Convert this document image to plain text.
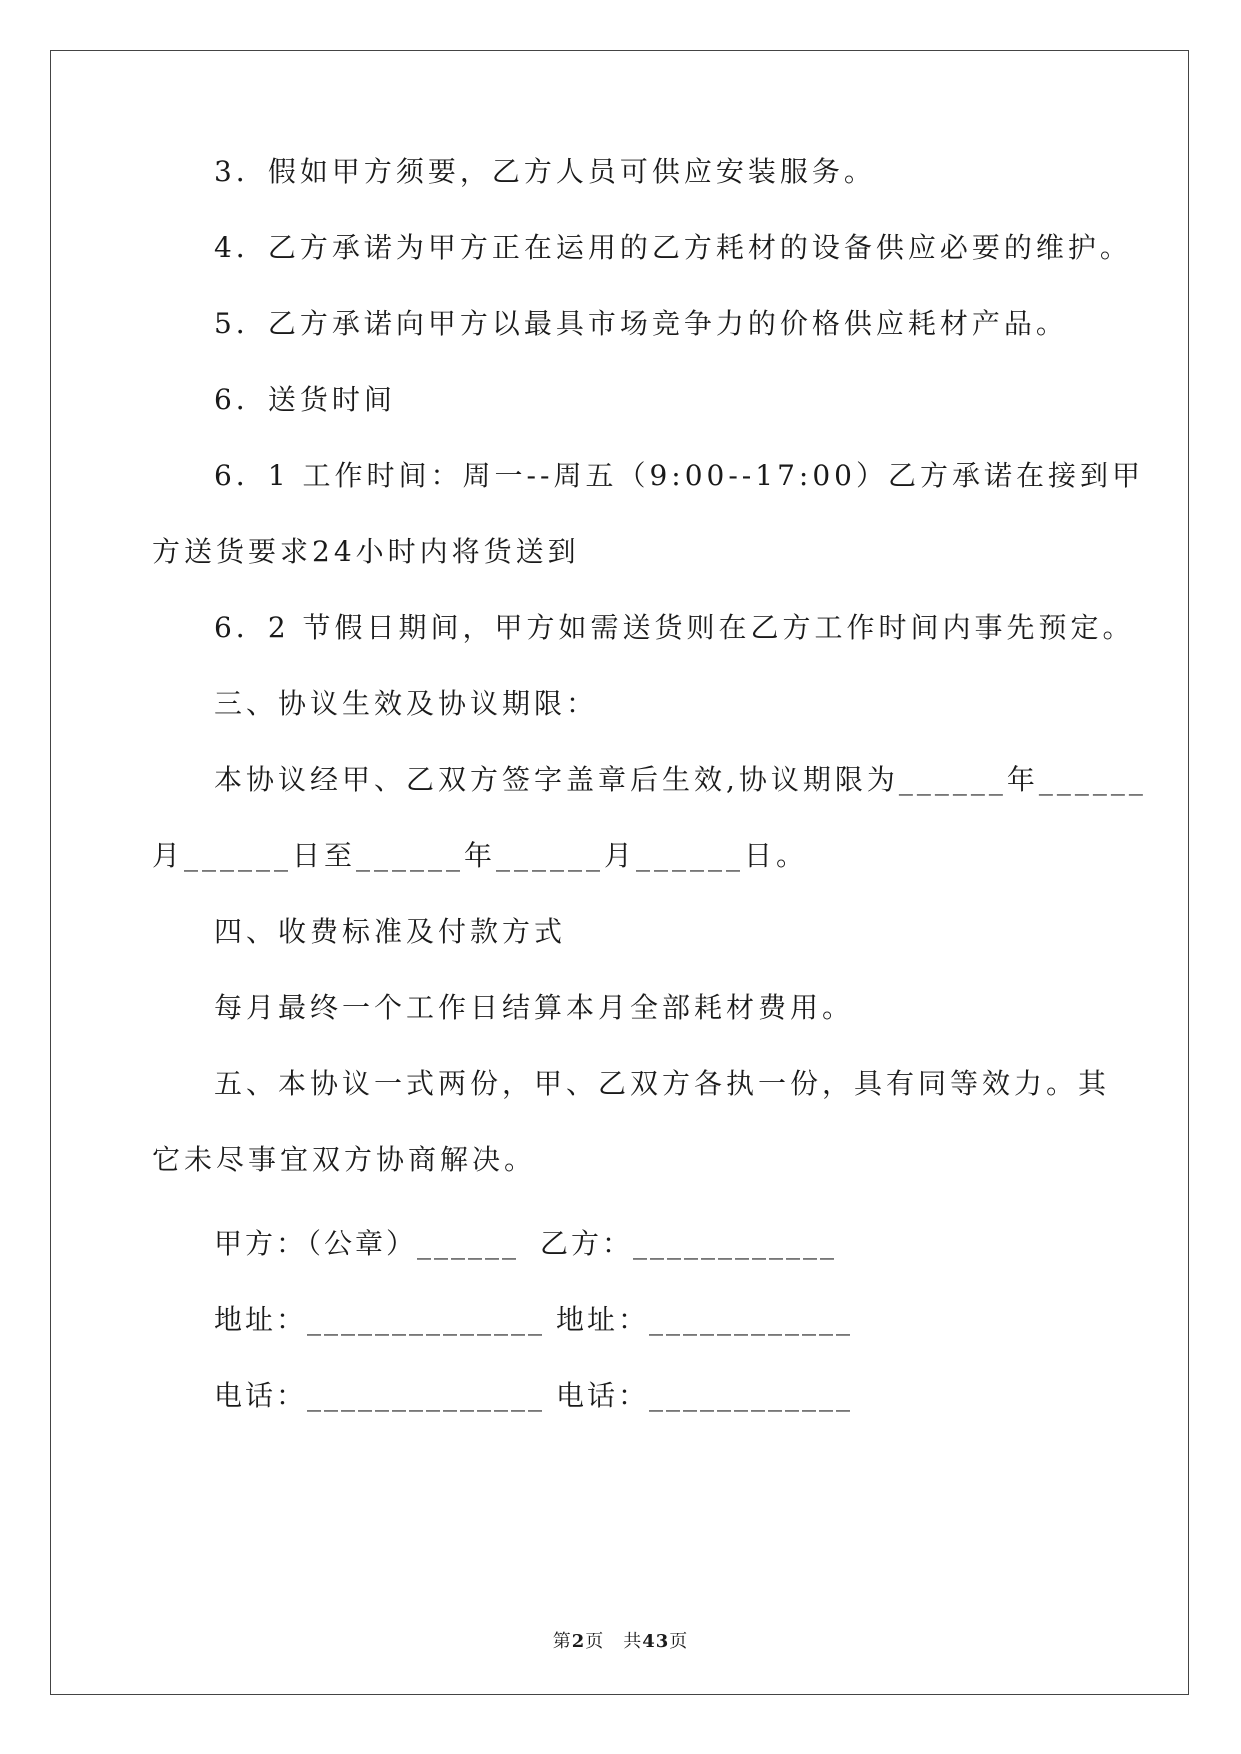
3．假如甲方须要，乙方人员可供应安装服务。
4．乙方承诺为甲方正在运用的乙方耗材的设备供应必要的维护。
5．乙方承诺向甲方以最具市场竞争力的价格供应耗材产品。
6．送货时间
6．1 工作时间：周一--周五（9:00--17:00）乙方承诺在接到甲
方送货要求24小时内将货送到
6．2 节假日期间，甲方如需送货则在乙方工作时间内事先预定。
三、协议生效及协议期限：
本协议经甲、乙双方签字盖章后生效,协议期限为______年______
月______日至______年______月______日。
四、收费标准及付款方式
每月最终一个工作日结算本月全部耗材费用。
五、本协议一式两份，甲、乙双方各执一份，具有同等效力。其
它未尽事宜双方协商解决。
甲方：（公章）______ 乙方：____________
地址：______________ 地址：____________
电话：______________ 电话：____________
第2页　共43页
